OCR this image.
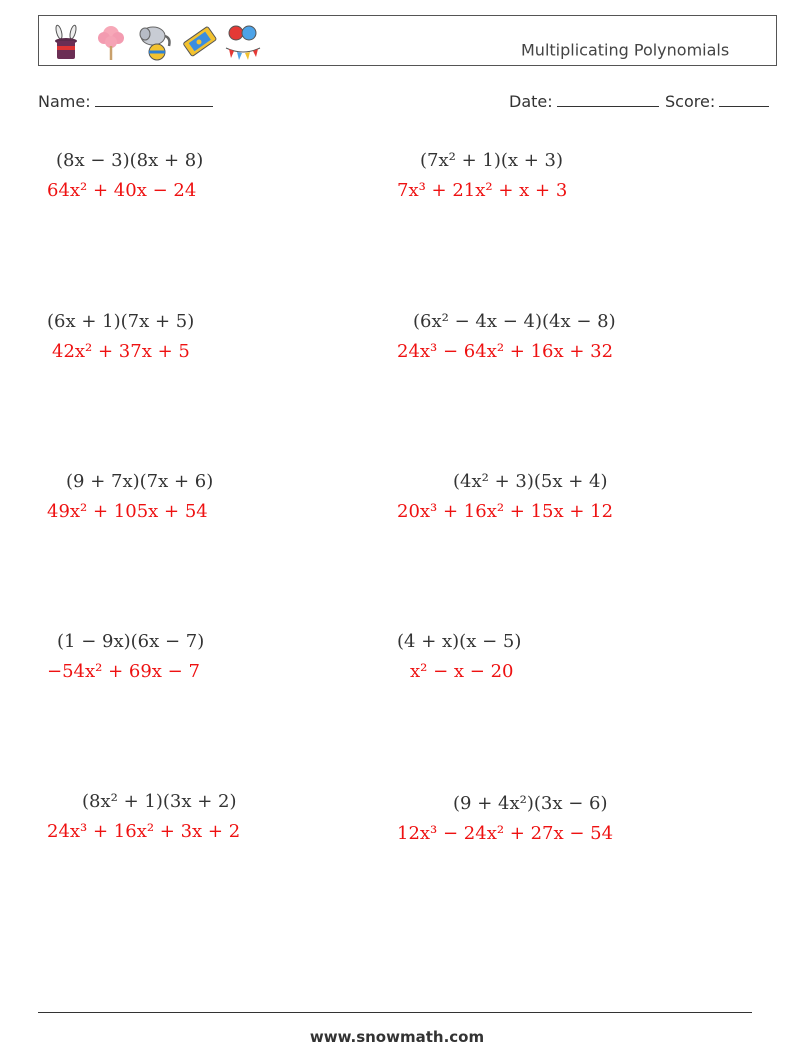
Multiplicating Polynomials
Name:	Date:	Score:
(8x − 3)(8x + 8)
64x² + 40x − 24
(6x + 1)(7x + 5)
42x² + 37x + 5
(9 + 7x)(7x + 6)
49x² + 105x + 54
(1 − 9x)(6x − 7)
−54x² + 69x − 7
(8x² + 1)(3x + 2)
24x³ + 16x² + 3x + 2
(7x² + 1)(x + 3)
7x³ + 21x² + x + 3
(6x² − 4x − 4)(4x − 8)
24x³ − 64x² + 16x + 32
(4x² + 3)(5x + 4)
20x³ + 16x² + 15x + 12
(4 + x)(x − 5)
x² − x − 20
(9 + 4x²)(3x − 6)
12x³ − 24x² + 27x − 54
www.snowmath.com
